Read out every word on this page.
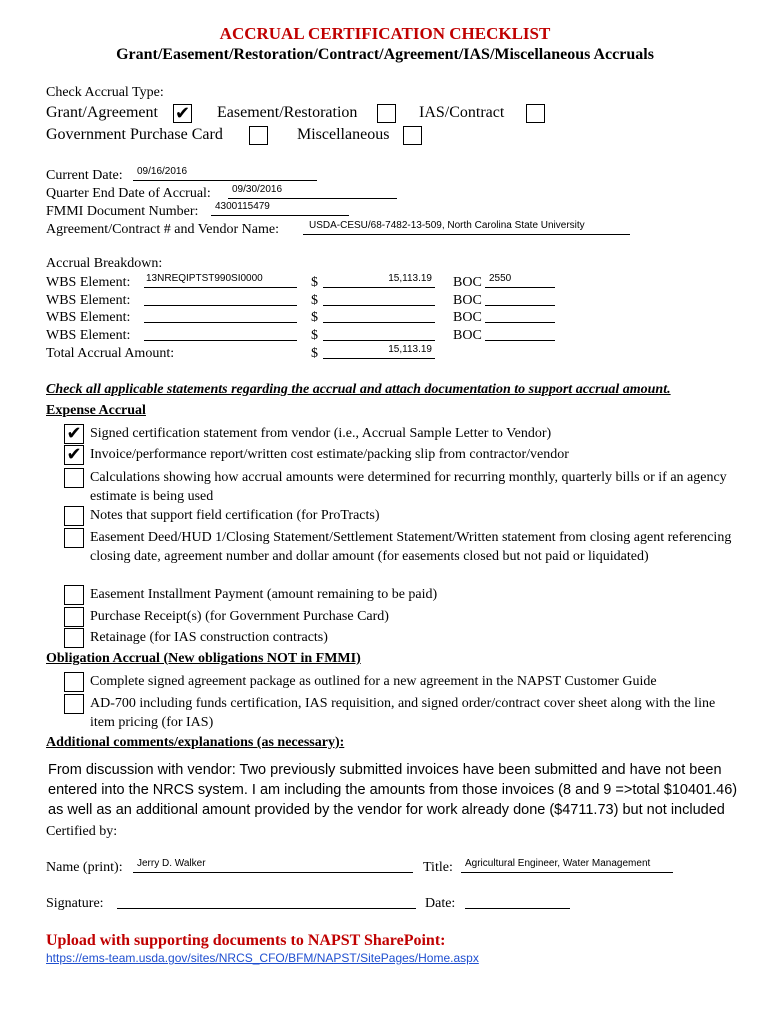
ACCRUAL CERTIFICATION CHECKLIST
Grant/Easement/Restoration/Contract/Agreement/IAS/Miscellaneous Accruals
Check Accrual Type:
Grant/Agreement ✔ Easement/Restoration	IAS/Contract
Government Purchase Card	Miscellaneous
Current Date: 09/16/2016
Quarter End Date of Accrual: 09/30/2016
FMMI Document Number: 4300115479
Agreement/Contract # and Vendor Name:	USDA-CESU/68-7482-13-509, North Carolina State University
Accrual Breakdown:
WBS Element: 13NREQIPTST990SI0000	$	15,113.19 BOC 2550
WBS Element:	$	BOC
WBS Element:	$	BOC
WBS Element:	$	BOC
Total Accrual Amount:	$	15,113.19
Check all applicable statements regarding the accrual and attach documentation to support accrual amount.
Expense Accrual
✔ Signed certification statement from vendor (i.e., Accrual Sample Letter to Vendor)
✔ Invoice/performance report/written cost estimate/packing slip from contractor/vendor
Calculations showing how accrual amounts were determined for recurring monthly, quarterly bills or if an agency estimate is being used
Notes that support field certification (for ProTracts)
Easement Deed/HUD 1/Closing Statement/Settlement Statement/Written statement from closing agent referencing closing date, agreement number and dollar amount (for easements closed but not paid or liquidated)
Easement Installment Payment (amount remaining to be paid)
Purchase Receipt(s) (for Government Purchase Card)
Retainage (for IAS construction contracts)
Obligation Accrual (New obligations NOT in FMMI)
Complete signed agreement package as outlined for a new agreement in the NAPST Customer Guide
AD-700 including funds certification, IAS requisition, and signed order/contract cover sheet along with the line item pricing (for IAS)
Additional comments/explanations (as necessary):
From discussion with vendor: Two previously submitted invoices have been submitted and have not been entered into the NRCS system. I am including the amounts from those invoices (8 and 9 =>total $10401.46) as well as an additional amount provided by the vendor for work already done ($4711.73) but not included
Certified by:
Name (print): Jerry D. Walker	Title: Agricultural Engineer, Water Management
Signature:	Date:
Upload with supporting documents to NAPST SharePoint:
https://ems-team.usda.gov/sites/NRCS_CFO/BFM/NAPST/SitePages/Home.aspx
